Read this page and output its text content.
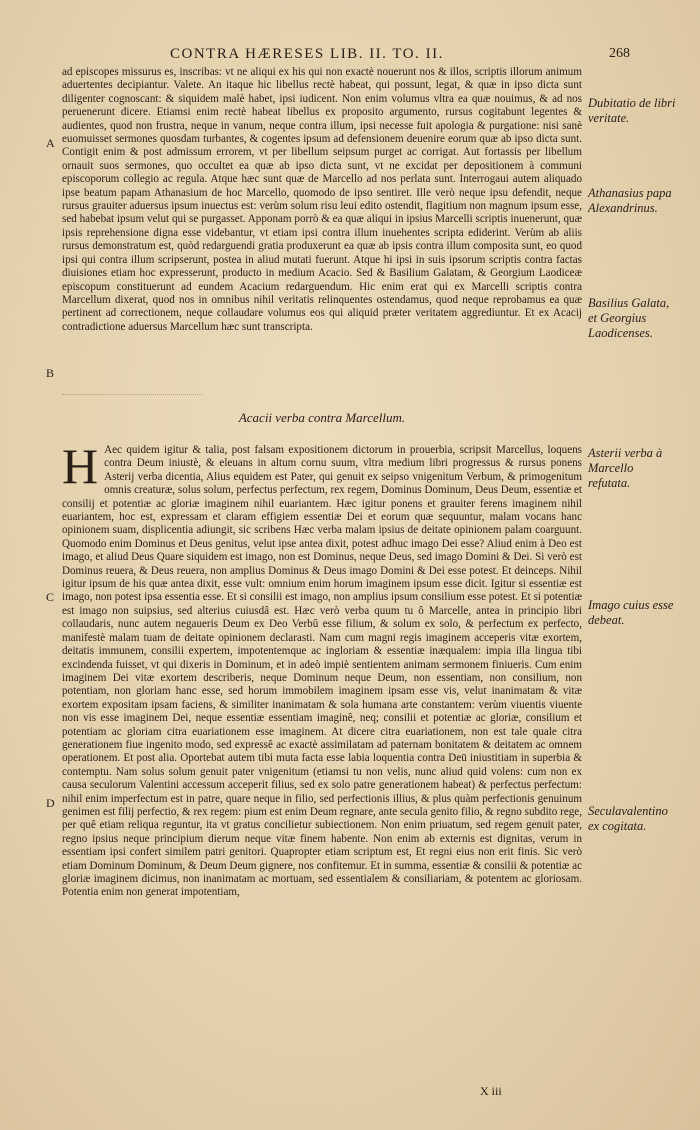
CONTRA HÆRESES LIB. II. TO. II.	268

ad episcopes missurus es, inscribas: vt ne aliqui ex his qui non exactè nouerunt nos & illos, scriptis illorum animum aduertentes decipiantur. Valete. An itaque hic libellus rectè habeat, qui possunt, legat, & quæ in ipso dicta sunt diligenter cognoscant: & siquidem malè habet, ipsi iudicent. Non enim volumus vltra ea quæ nouimus, & ad nos peruenerunt dicere. Etiamsi enim rectè habeat libellus ex proposito argumento, rursus cogitabunt legentes & audientes, quod non frustra, neque in vanum, neque contra illum, ipsi necesse fuit apologia & purgatione: nisi sanè euomuisset sermones quosdam turbantes, & cogentes ipsum ad defensionem deuenire eorum quæ ab ipso dicta sunt. Contigit enim & post admissum errorem, vt per libellum seipsum purget ac corrigat. Aut fortassis per libellum ornauit suos sermones, quo occultet ea quæ ab ipso dicta sunt, vt ne excidat per depositionem à communi episcoporum collegio ac regula. Atque hæc sunt quæ de Marcello ad nos perlata sunt. Interrogaui autem aliquado ipse beatum papam Athanasium de hoc Marcello, quomodo de ipso sentiret. Ille verò neque ipsu defendit, neque rursus grauiter aduersus ipsum inuectus est: verùm solum risu leui edito ostendit, flagitium non magnum ipsum esse, sed habebat ipsum velut qui se purgasset. Apponam porrò & ea quæ aliqui in ipsius Marcelli scriptis inuenerunt, quæ ipsis reprehensione digna esse videbantur, vt etiam ipsi contra illum inuehentes scripta ediderint. Verùm ab aliis rursus demonstratum est, quòd redarguendi gratia produxerunt ea quæ ab ipsis contra illum composita sunt, eo quod ipsi qui contra illum scripserunt, postea in aliud mutati fuerunt. Atque hi ipsi in suis ipsorum scriptis contra factas diuisiones etiam hoc expresserunt, producto in medium Acacio. Sed & Basilium Galatam, & Georgium Laodiceæ episcopum constituerunt ad eundem Acacium redarguendum. Hic enim erat qui ex Marcelli scriptis contra Marcellum dixerat, quod nos in omnibus nihil veritatis relinquentes ostendamus, quod neque reprobamus ea quæ pertinent ad correctionem, neque collaudare volumus eos qui aliquid præter veritatem aggrediuntur. Et ex Acacij contradictione aduersus Marcellum hæc sunt transcripta.

Acacii verba contra Marcellum.
H Aec quidem igitur & talia, post falsam expositionem dictorum in prouerbia, scripsit Marcellus, loquens contra Deum iniustè, & eleuans in altum cornu suum, vltra medium libri progressus & rursus ponens Asterij verba dicentia, Alius equidem est Pater, qui genuit ex seipso vnigenitum Verbum, & primogenitum omnis creaturæ, solus solum, perfectus perfectum, rex regem, Dominus Dominum, Deus Deum, essentiæ et consilij et potentiæ ac gloriæ imaginem nihil euariantem. Hæc igitur ponens et grauiter ferens imaginem nihil euariantem, hoc est, expressam et claram effigiem essentiæ Dei et eorum quæ sequuntur, malam vocans hanc opinionem suam, displicentia adiungit, sic scribens Hæc verba malam ipsius de deitate opinionem palam coarguunt. Quomodo enim Dominus et Deus genitus, velut ipse antea dixit, potest adhuc imago Dei esse? Aliud enim à Deo est imago, et aliud Deus Quare siquidem est imago, non est Dominus, neque Deus, sed imago Domini & Dei. Si verò est Dominus reuera, & Deus reuera, non amplius Dominus & Deus imago Domini & Dei esse potest. Et deinceps. Nihil igitur ipsum de his quæ antea dixit, esse vult: omnium enim horum imaginem ipsum esse dicit. Igitur si essentiæ est imago, non potest ipsa essentia esse. Et si consilii est imago, non amplius ipsum consilium esse potest. Et si potentiæ est imago non suipsius, sed alterius cuiusdâ est. Hæc verò verba quum tu ô Marcelle, antea in principio libri collaudaris, nunc autem negaueris Deum ex Deo Verbû esse filium, & solum ex solo, & perfectum ex perfecto, manifestè malam tuam de deitate opinionem declarasti. Nam cum magni regis imaginem acceperis vitæ exortem, deitatis immunem, consilii expertem, impotentemque ac ingloriam & essentiæ inæqualem: impia illa lingua tibi excindenda fuisset, vt qui dixeris in Dominum, et in adeò impiè sentientem animam sermonem finiueris. Cum enim imaginem Dei vitæ exortem describeris, neque Dominum neque Deum, non essentiam, non consilium, non potentiam, non gloriam hanc esse, sed horum immobilem imaginem ipsam esse vis, velut inanimatam & vitæ exortem expositam ipsam faciens, & similiter inanimatam & sola humana arte constantem: verùm viuentis viuente non vis esse imaginem Dei, neque essentiæ essentiam imaginê, neq; consilii et potentiæ ac gloriæ, consilium et potentiam ac gloriam citra euariationem esse imaginem. At dicere citra euariationem, non est tale quale citra generationem fiue ingenito modo, sed expressê ac exactè assimilatam ad paternam bonitatem & deitatem ac omnem operationem. Et post alia. Oportebat autem tibi muta facta esse labia loquentia contra Deū iniustitiam in superbia & contemptu. Nam solus solum genuit pater vnigenitum (etiamsi tu non velis, nunc aliud quid volens: cum non ex causa seculorum Valentini accessum acceperit filius, sed ex solo patre generationem habeat) & perfectus perfectum: nihil enim imperfectum est in patre, quare neque in filio, sed perfectionis illius, & plus quàm perfectionis genuinum genimen est filij perfectio, & rex regem: pium est enim Deum regnare, ante secula genito filio, & regno subdito rege, per quê etiam reliqua reguntur, ita vt gratus concilietur subiectionem. Non enim priuatum, sed regem genuit pater, regno ipsius neque principium dierum neque vitæ finem habente. Non enim ab externis est dignitas, verum in essentiam ipsi confert similem patri genitori. Quapropter etiam scriptum est, Et regni eius non erit finis. Sic verò etiam Dominum Dominum, & Deum Deum gignere, nos confitemur. Et in summa, essentiæ & consilii & potentiæ ac gloriæ imaginem dicimus, non inanimatam ac mortuam, sed essentialem & consiliariam, & potentem ac gloriosam. Potentia enim non generat impotentiam,

Dubitatio de libri veritate.
Athanasius papa Alexandrinus.
Basilius Galata, et Georgius Laodicenses.
Asterii verba à Marcello refutata.
Imago cuius esse debeat.
Seculavalentino ex cogitata.
A
B
C
D
X iii
